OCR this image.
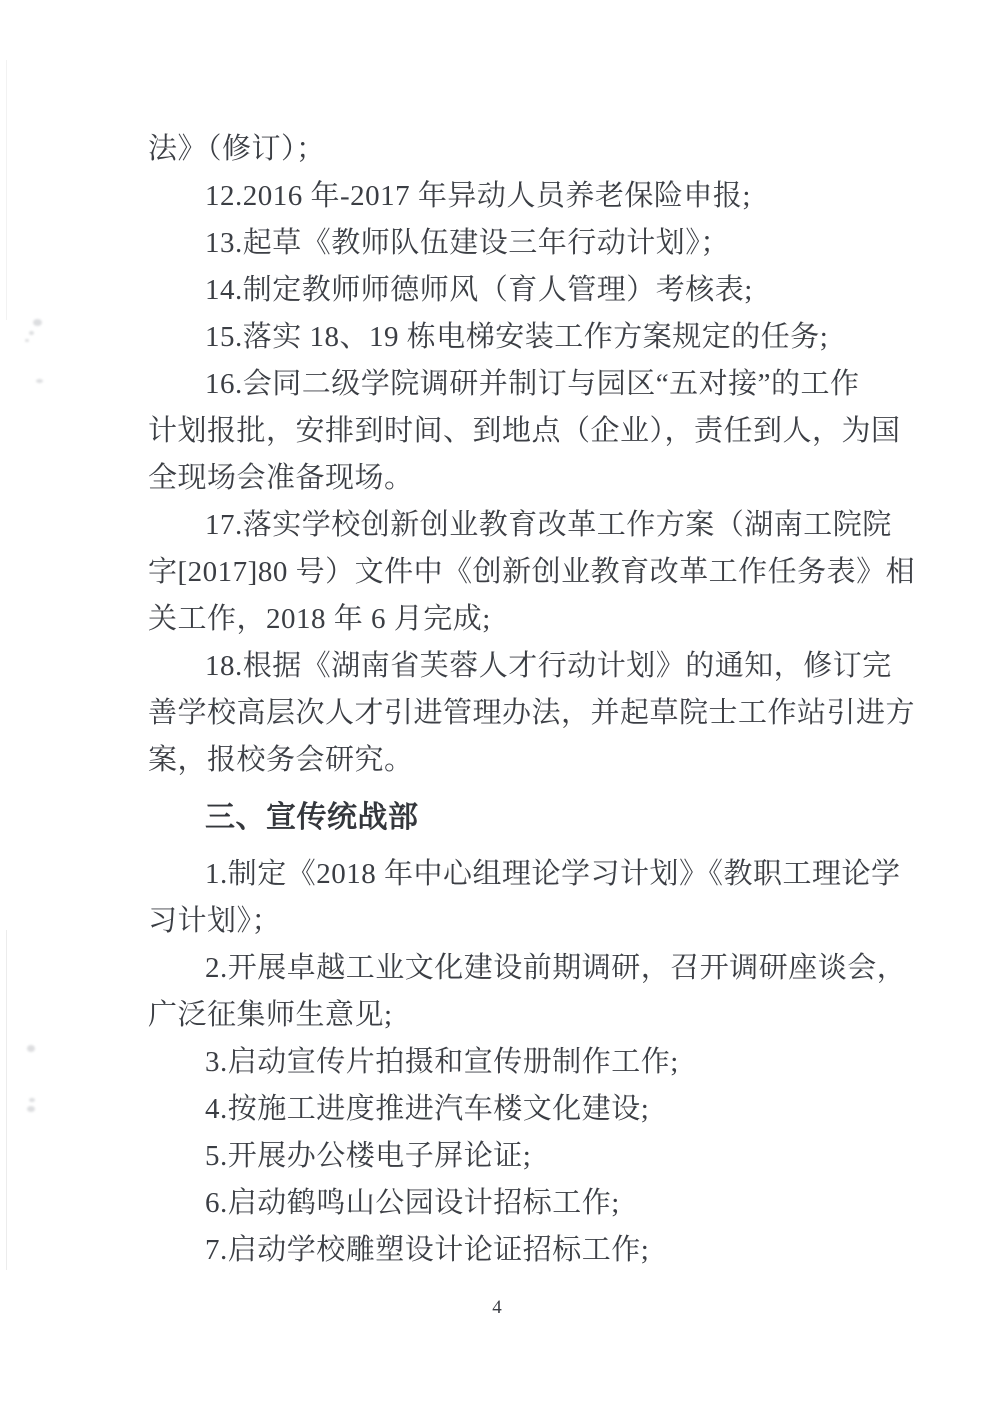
法》（修订）；
12.2016 年-2017 年异动人员养老保险申报;
13.起草《教师队伍建设三年行动计划》；
14.制定教师师德师风（育人管理）考核表;
15.落实 18、19 栋电梯安装工作方案规定的任务;
16.会同二级学院调研并制订与园区“五对接”的工作
计划报批，安排到时间、到地点（企业），责任到人，为国
全现场会准备现场。
17.落实学校创新创业教育改革工作方案（湖南工院院
字[2017]80 号）文件中《创新创业教育改革工作任务表》相
关工作，2018 年 6 月完成;
18.根据《湖南省芙蓉人才行动计划》的通知，修订完
善学校高层次人才引进管理办法，并起草院士工作站引进方
案，报校务会研究。
三、宣传统战部
1.制定《2018 年中心组理论学习计划》《教职工理论学
习计划》；
2.开展卓越工业文化建设前期调研，召开调研座谈会，
广泛征集师生意见;
3.启动宣传片拍摄和宣传册制作工作;
4.按施工进度推进汽车楼文化建设;
5.开展办公楼电子屏论证;
6.启动鹤鸣山公园设计招标工作;
7.启动学校雕塑设计论证招标工作;
4
